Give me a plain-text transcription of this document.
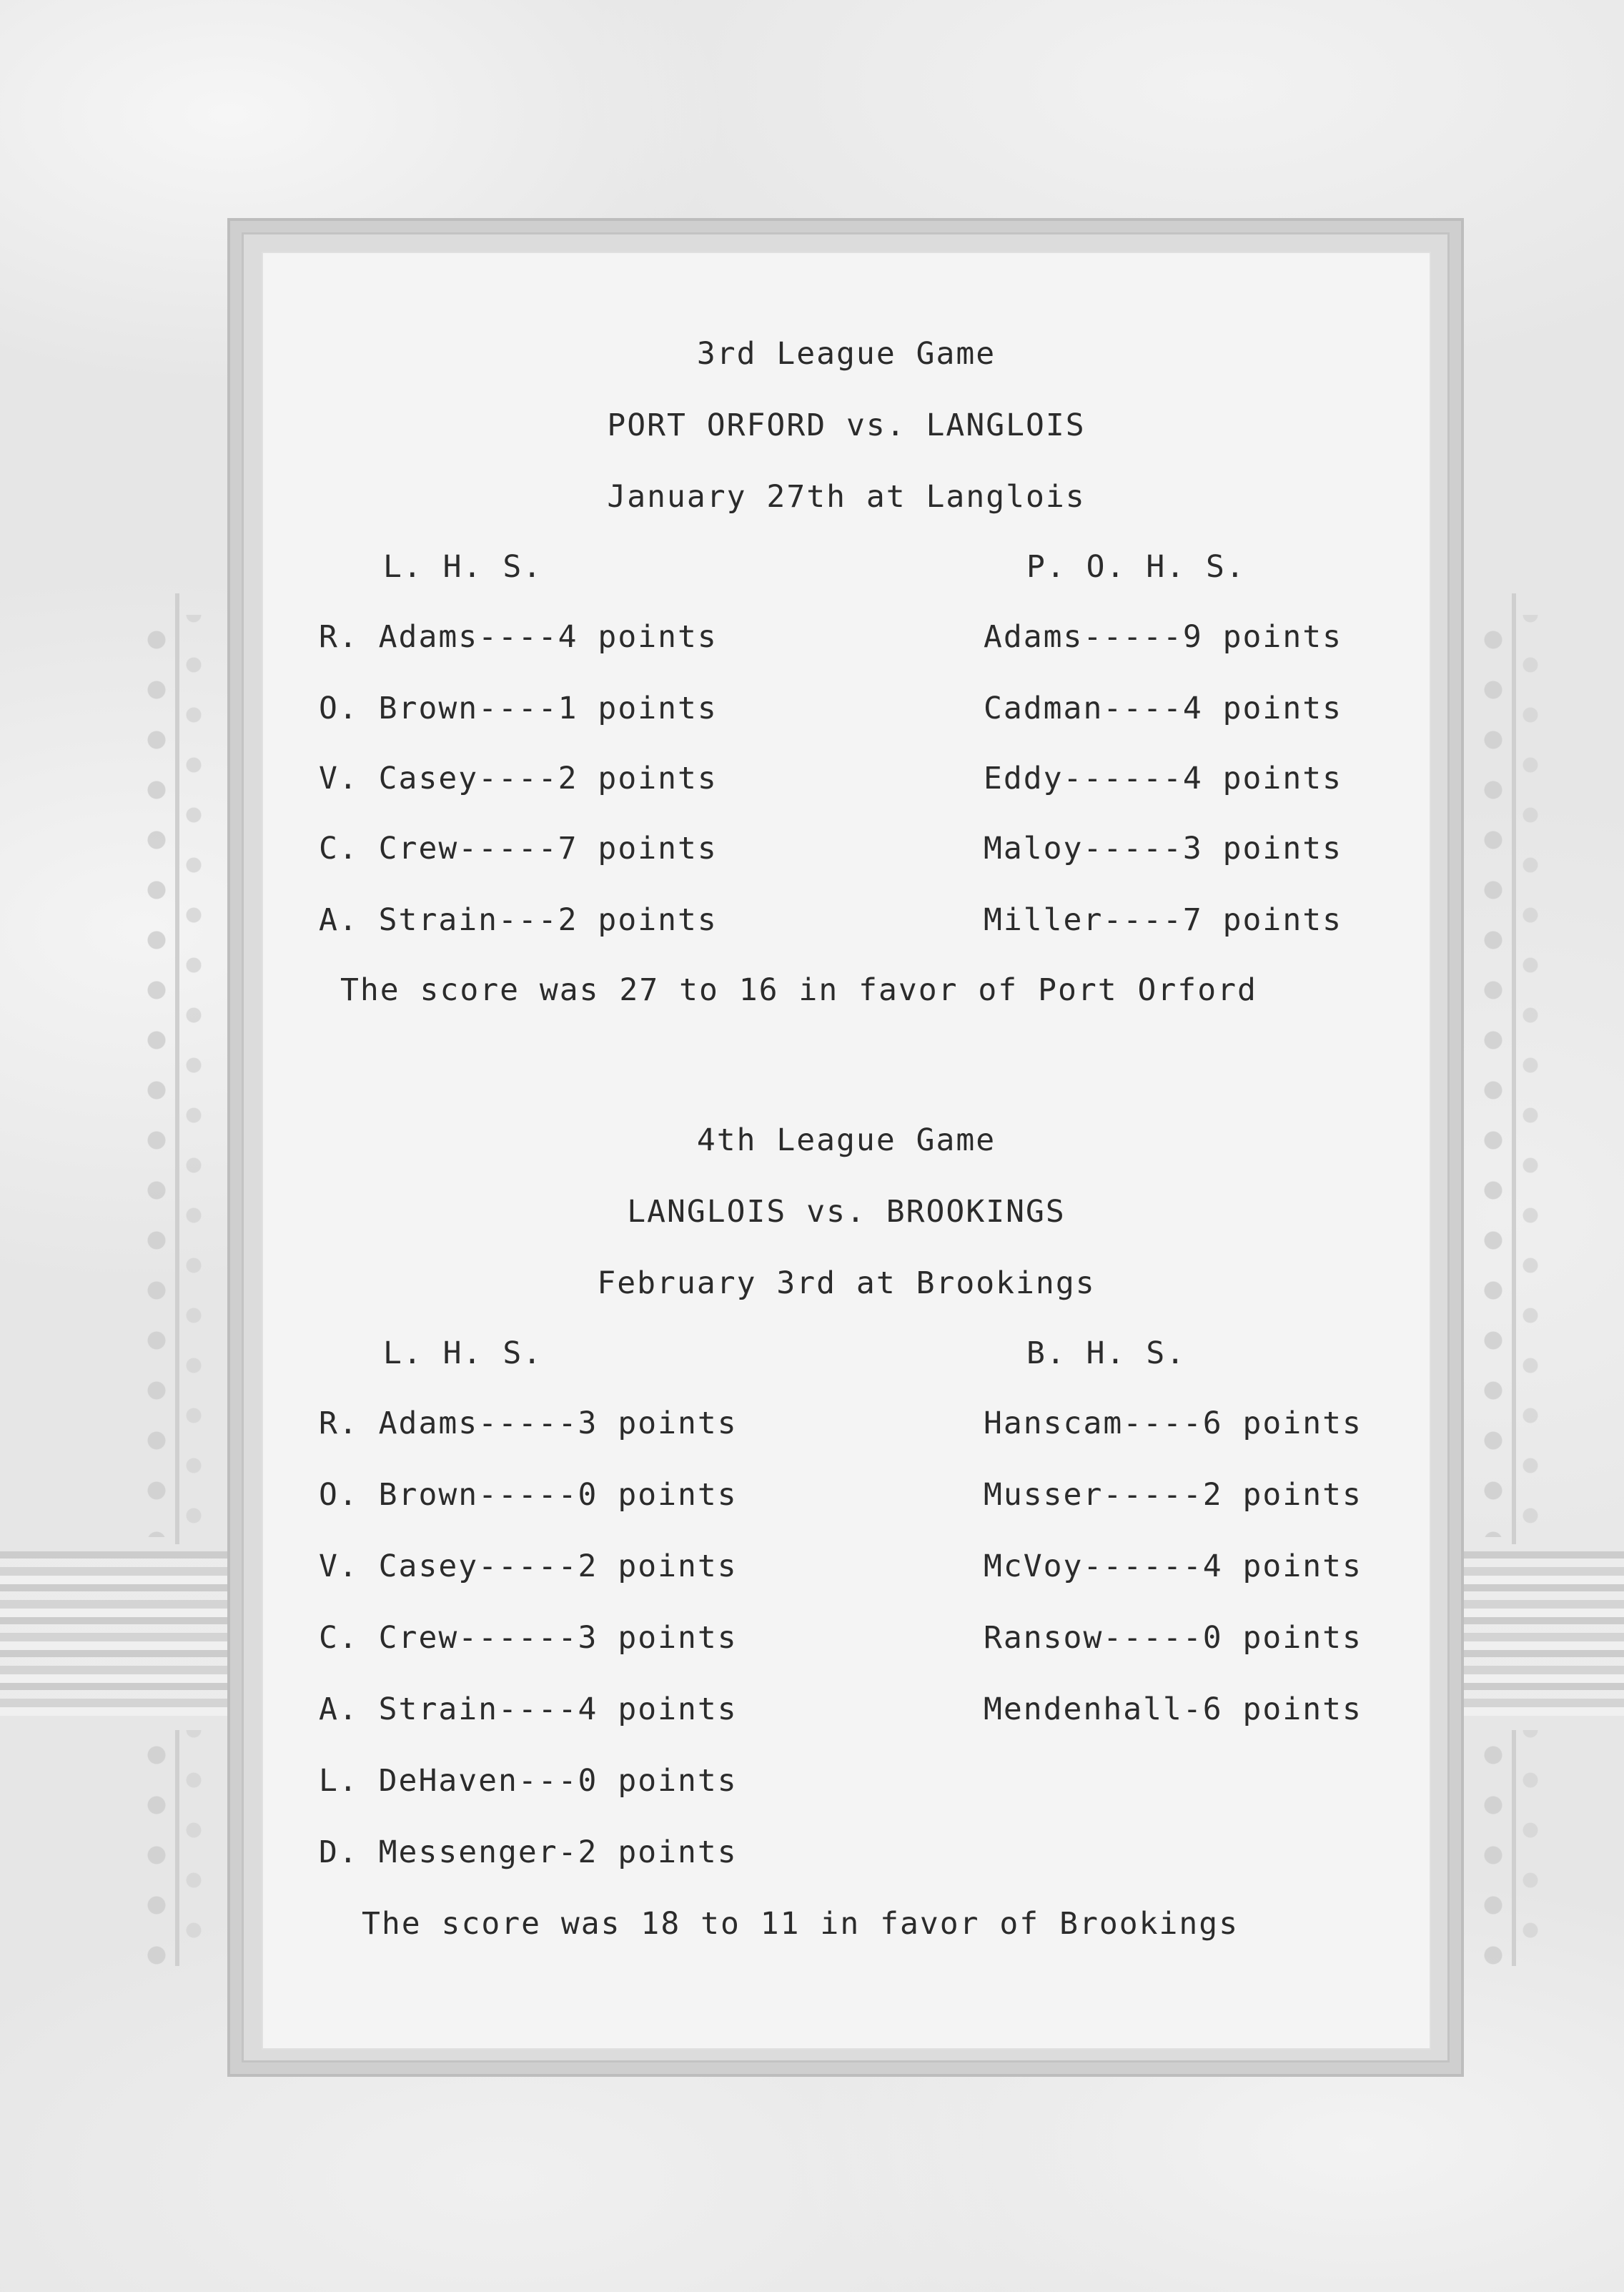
3rd League Game
PORT ORFORD vs. LANGLOIS
January 27th at Langlois
L. H. S.	P. O. H. S.
R. Adams----4 points
O. Brown----1 points
V. Casey----2 points
C. Crew-----7 points
A. Strain---2 points
Adams-----9 points
Cadman----4 points
Eddy------4 points
Maloy-----3 points
Miller----7 points
The score was 27 to 16 in favor of Port Orford
4th League Game
LANGLOIS vs. BROOKINGS
February 3rd at Brookings
L. H. S.	B. H. S.
R. Adams-----3 points
O. Brown-----0 points
V. Casey-----2 points
C. Crew------3 points
A. Strain----4 points
L. DeHaven---0 points
D. Messenger-2 points
Hanscam----6 points
Musser-----2 points
McVoy------4 points
Ransow-----0 points
Mendenhall-6 points
The score was 18 to 11 in favor of Brookings
